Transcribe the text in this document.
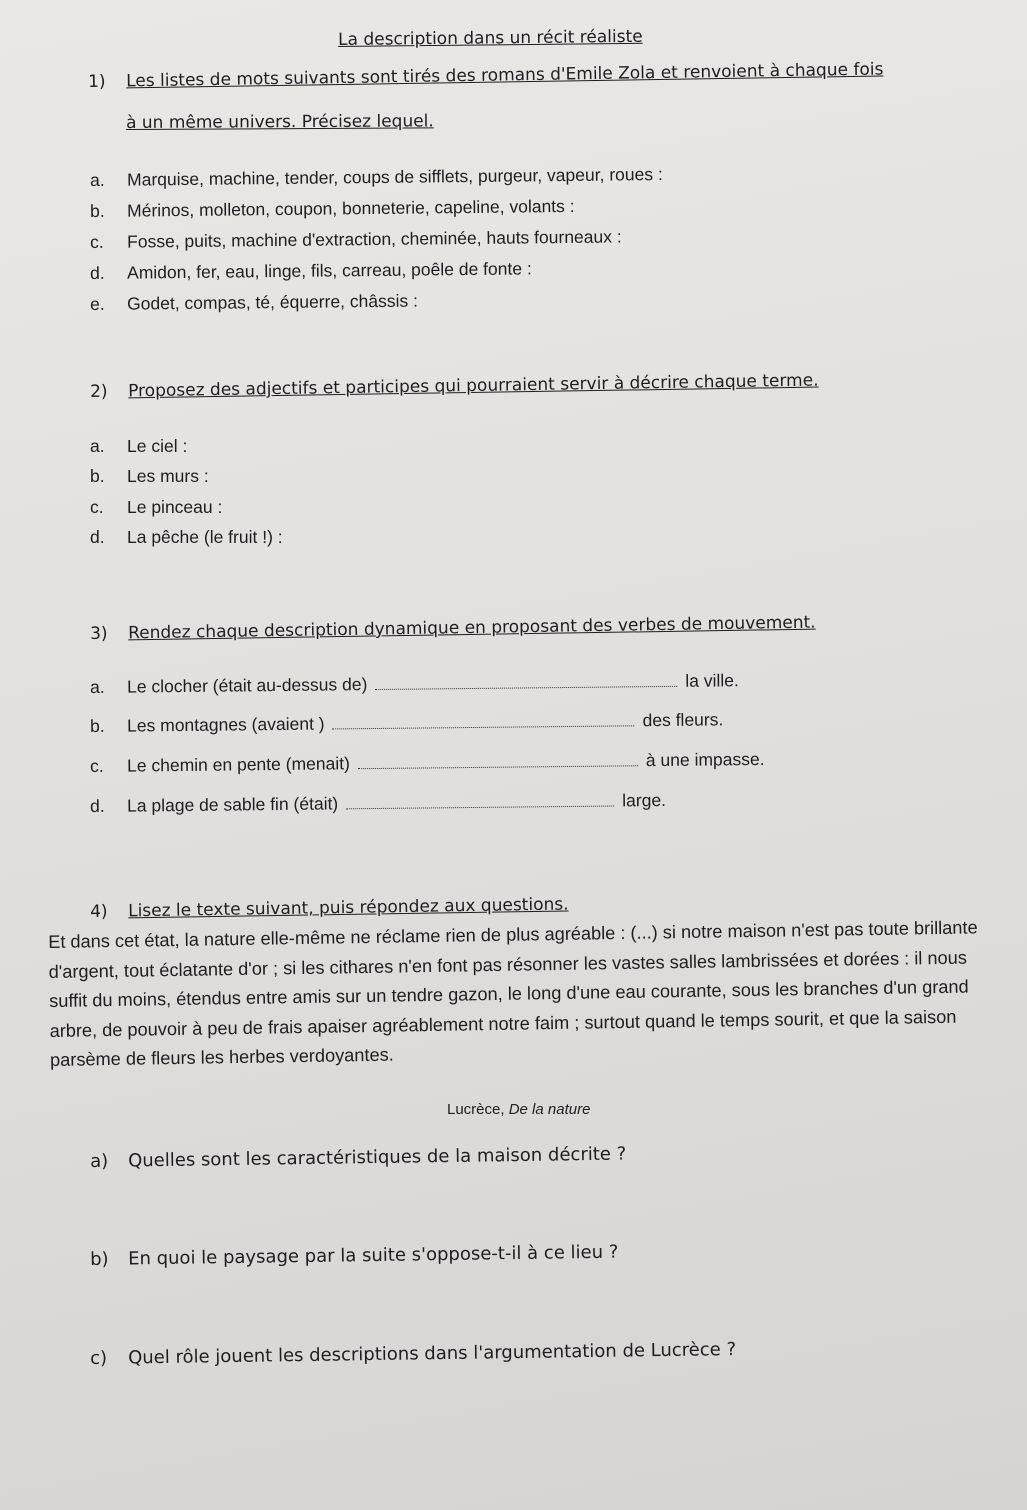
La description dans un récit réaliste
1) Les listes de mots suivants sont tirés des romans d'Emile Zola et renvoient à chaque fois
à un même univers. Précisez lequel.
a. Marquise, machine, tender, coups de sifflets, purgeur, vapeur, roues :
b. Mérinos, molleton, coupon, bonneterie, capeline, volants :
c. Fosse, puits, machine d'extraction, cheminée, hauts fourneaux :
d. Amidon, fer, eau, linge, fils, carreau, poêle de fonte :
e. Godet, compas, té, équerre, châssis :
2) Proposez des adjectifs et participes qui pourraient servir à décrire chaque terme.
a. Le ciel :
b. Les murs :
c. Le pinceau :
d. La pêche (le fruit !) :
3) Rendez chaque description dynamique en proposant des verbes de mouvement.
a. Le clocher (était au-dessus de)	la ville.
b. Les montagnes (avaient )	des fleurs.
c. Le chemin en pente (menait)	à une impasse.
d. La plage de sable fin (était)	large.
4) Lisez le texte suivant, puis répondez aux questions.
Et dans cet état, la nature elle-même ne réclame rien de plus agréable : (...) si notre maison n'est pas toute brillante d'argent, tout éclatante d'or ; si les cithares n'en font pas résonner les vastes salles lambrissées et dorées : il nous suffit du moins, étendus entre amis sur un tendre gazon, le long d'une eau courante, sous les branches d'un grand arbre, de pouvoir à peu de frais apaiser agréablement notre faim ; surtout quand le temps sourit, et que la saison parsème de fleurs les herbes verdoyantes.
Lucrèce, De la nature
a) Quelles sont les caractéristiques de la maison décrite ?
b) En quoi le paysage par la suite s'oppose-t-il à ce lieu ?
c) Quel rôle jouent les descriptions dans l'argumentation de Lucrèce ?
